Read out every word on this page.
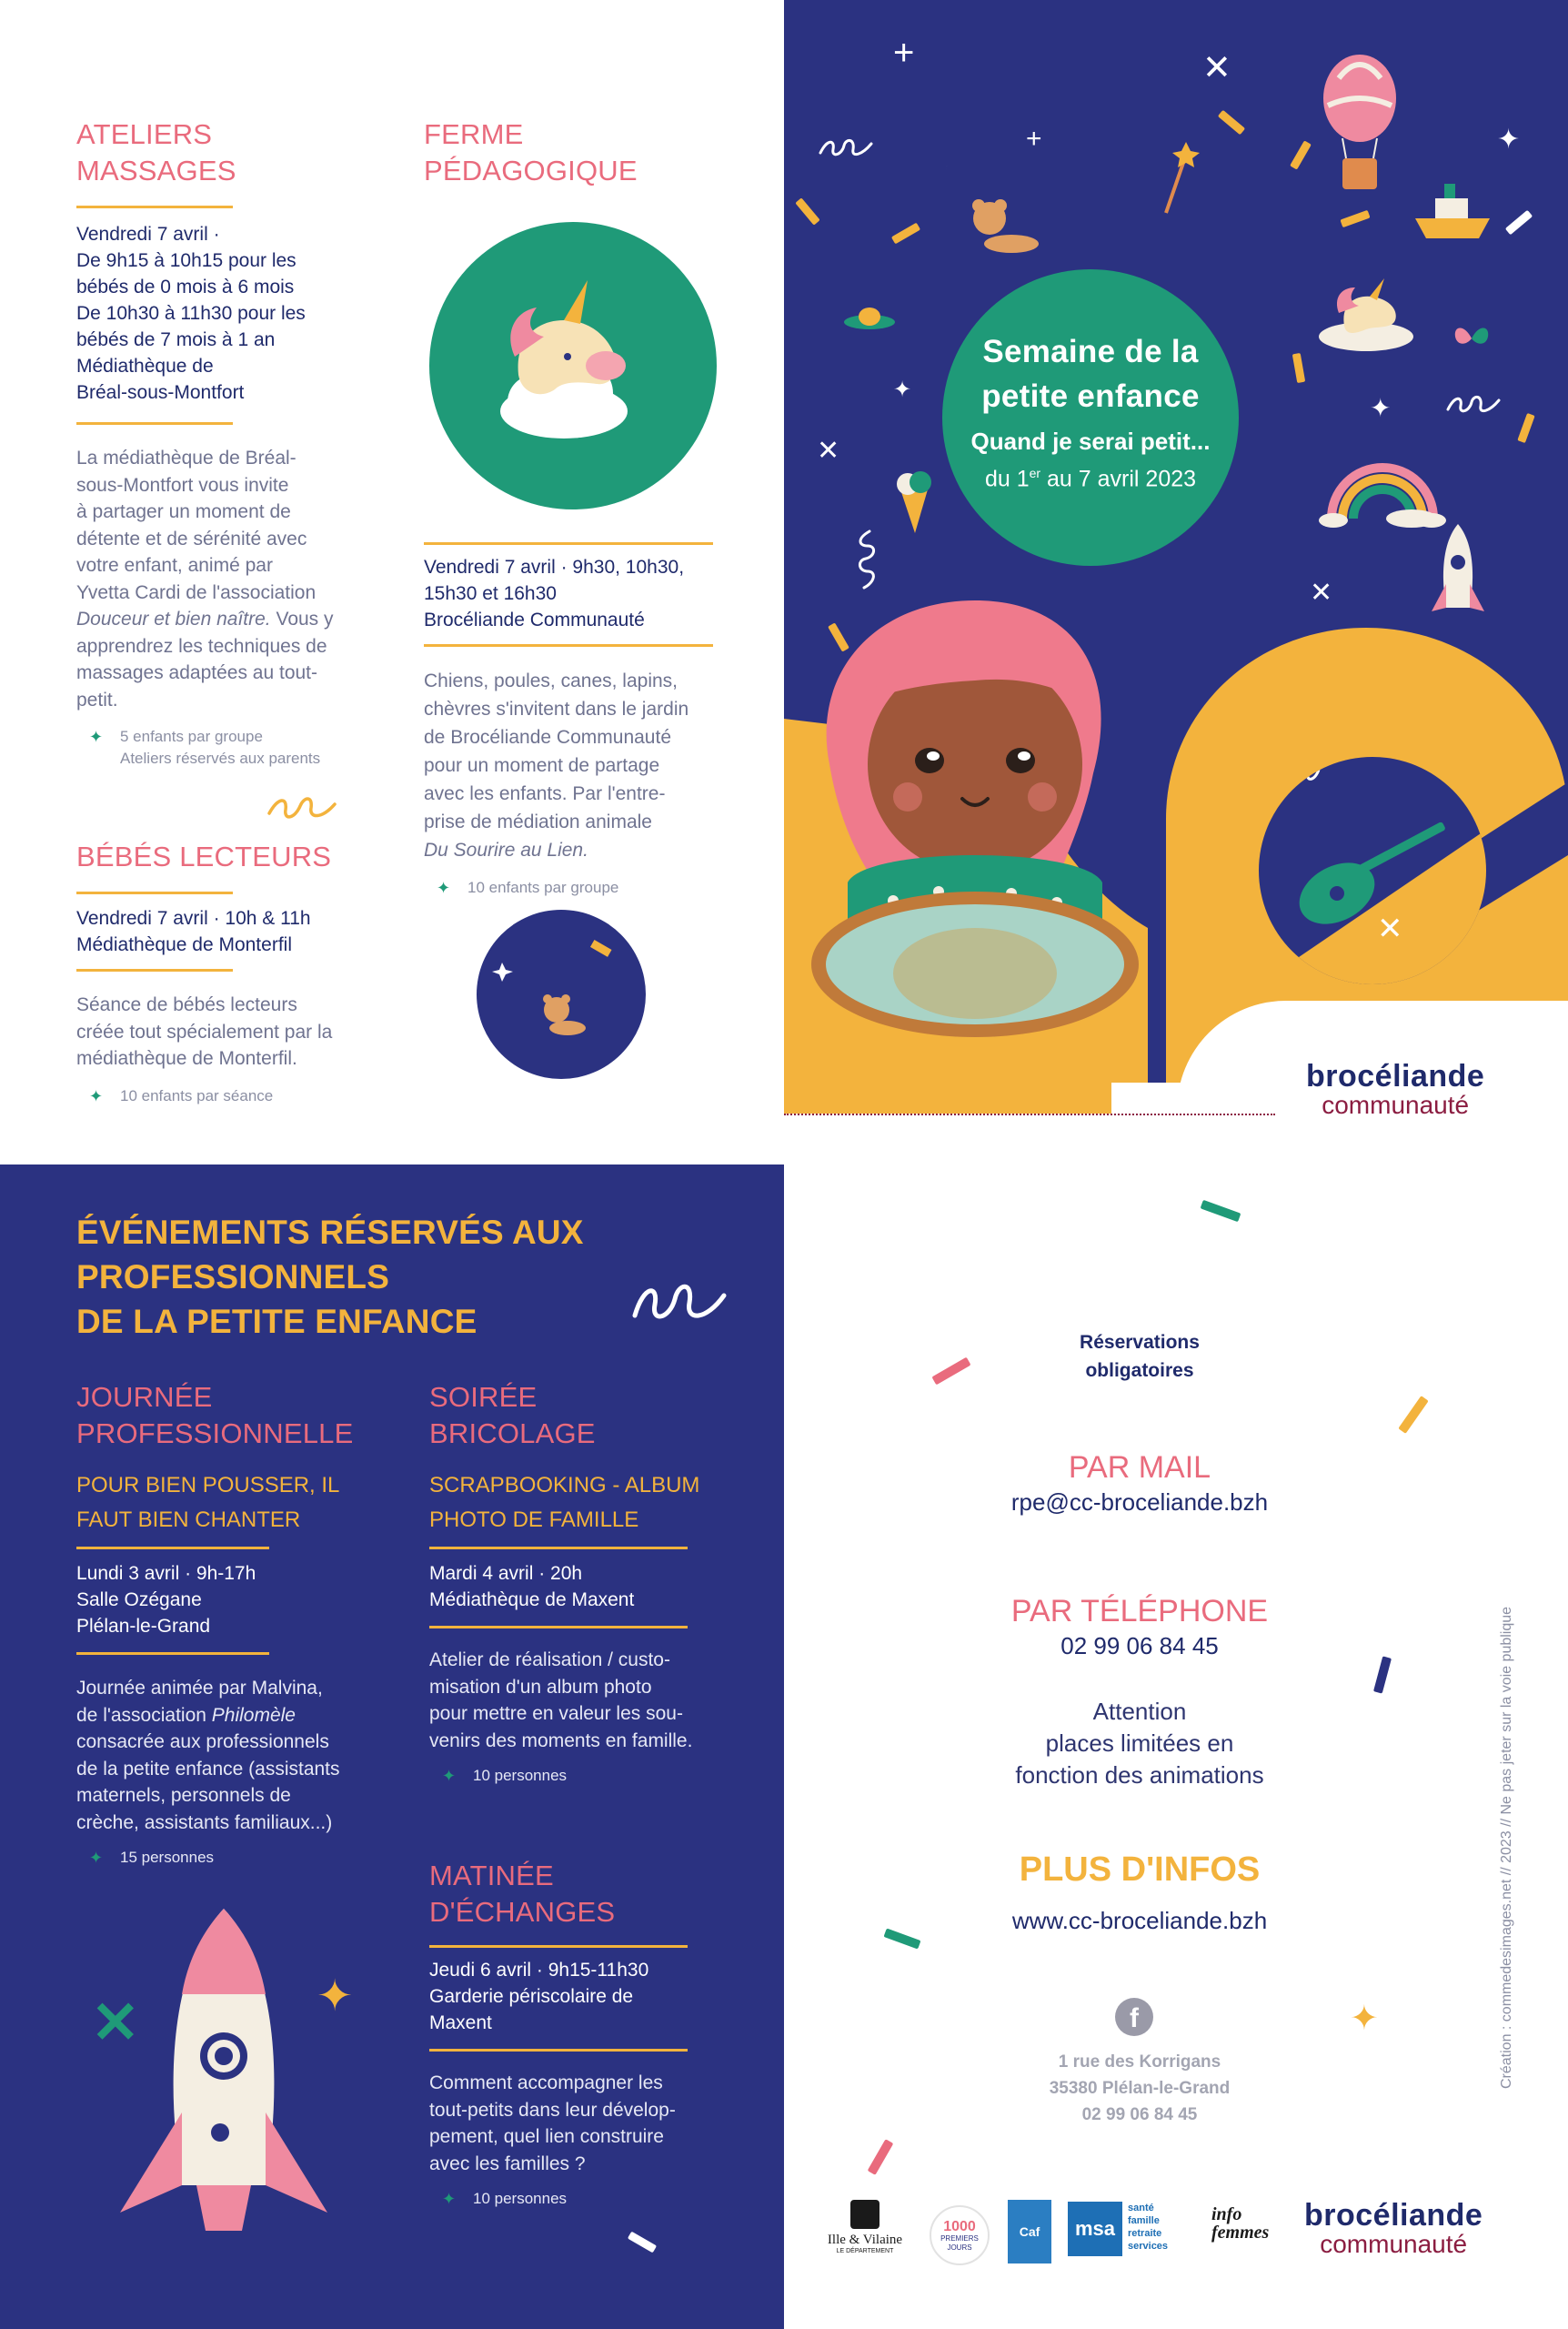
ATELIERS
MASSAGES
Vendredi 7 avril ·
De 9h15 à 10h15 pour les
bébés de 0 mois à 6 mois
De 10h30 à 11h30 pour les
bébés de 7 mois à 1 an
Médiathèque de
Bréal-sous-Montfort
La médiathèque de Bréal-
sous-Montfort vous invite
à partager un moment de
détente et de sérénité avec
votre enfant, animé par
Yvetta Cardi de l'association
Douceur et bien naître. Vous y
apprendrez les techniques de
massages adaptées au tout-
petit.
✦ 5 enfants par groupe
Ateliers réservés aux parents
BÉBÉS LECTEURS
Vendredi 7 avril · 10h & 11h
Médiathèque de Monterfil
Séance de bébés lecteurs
créée tout spécialement par la
médiathèque de Monterfil.
✦ 10 enfants par séance
FERME
PÉDAGOGIQUE
Vendredi 7 avril · 9h30, 10h30,
15h30 et 16h30
Brocéliande Communauté
Chiens, poules, canes, lapins,
chèvres s'invitent dans le jardin
de Brocéliande Communauté
pour un moment de partage
avec les enfants. Par l'entre-
prise de médiation animale
Du Sourire au Lien.
✦ 10 enfants par groupe
+
+
✕
✕
✕
✦
✦
✦
Semaine de la
petite enfance
Quand je serai petit...
du 1er au 7 avril 2023
✕
brocéliande
communauté
ÉVÉNEMENTS RÉSERVÉS AUX
PROFESSIONNELS
DE LA PETITE ENFANCE
JOURNÉE
PROFESSIONNELLE
POUR BIEN POUSSER, IL
FAUT BIEN CHANTER
Lundi 3 avril · 9h-17h
Salle Ozégane
Plélan-le-Grand
Journée animée par Malvina,
de l'association Philomèle
consacrée aux professionnels
de la petite enfance (assistants
maternels, personnels de
crèche, assistants familiaux...)
✦ 15 personnes
SOIRÉE
BRICOLAGE
SCRAPBOOKING - ALBUM
PHOTO DE FAMILLE
Mardi 4 avril · 20h
Médiathèque de Maxent
Atelier de réalisation / custo-
misation d'un album photo
pour mettre en valeur les sou-
venirs des moments en famille.
✦ 10 personnes
MATINÉE
D'ÉCHANGES
Jeudi 6 avril · 9h15-11h30
Garderie périscolaire de
Maxent
Comment accompagner les
tout-petits dans leur dévelop-
pement, quel lien construire
avec les familles ?
✦ 10 personnes
✕	✦
Réservations
obligatoires
PAR MAIL
rpe@cc-broceliande.bzh
PAR TÉLÉPHONE
02 99 06 84 45
Attention
places limitées en
fonction des animations
PLUS D'INFOS
www.cc-broceliande.bzh
f
1 rue des Korrigans
35380 Plélan-le-Grand
02 99 06 84 45
Création : commedesimages.net // 2023 // Ne pas jeter sur la voie publique
✦
Ille & Vilaine
LE DÉPARTEMENT
1000
PREMIERS
JOURS
Caf	msa
santé
famille
retraite
services
info
femmes brocéliande
communauté
